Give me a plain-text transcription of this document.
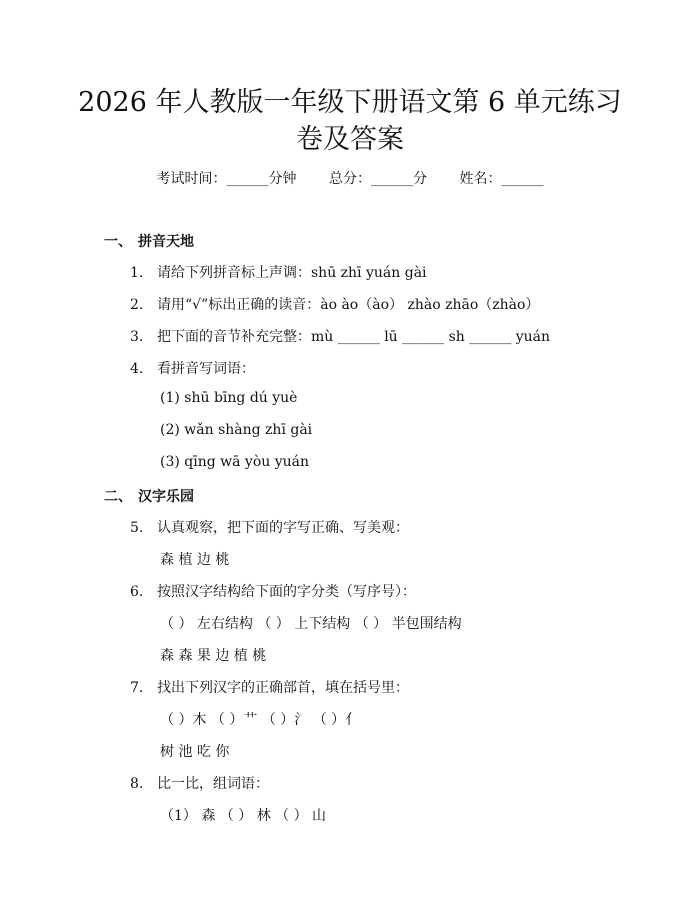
2026 年人教版一年级下册语文第 6 单元练习
卷及答案
考试时间：______分钟 总分：______分 姓名：______
一、 拼音天地
1. 请给下列拼音标上声调：shū zhī yuán gài
2. 请用“√”标出正确的读音：ào ào（ào） zhào zhāo（zhào）
3. 把下面的音节补充完整：mù ______ lū ______ sh ______ yuán
4. 看拼音写词语：
(1) shū bīng dú yuè
(2) wǎn shàng zhī gài
(3) qīng wā yòu yuán
二、 汉字乐园
5. 认真观察，把下面的字写正确、写美观：
森 植 边 桃
6. 按照汉字结构给下面的字分类（写序号）：
（ ） 左右结构 （ ） 上下结构 （ ） 半包围结构
森 森 果 边 植 桃
7. 找出下列汉字的正确部首，填在括号里：
（ ）木 （ ）艹 （ ）氵 （ ）亻
树 池 吃 你
8. 比一比，组词语：
（1） 森 （ ） 林 （ ） 山
